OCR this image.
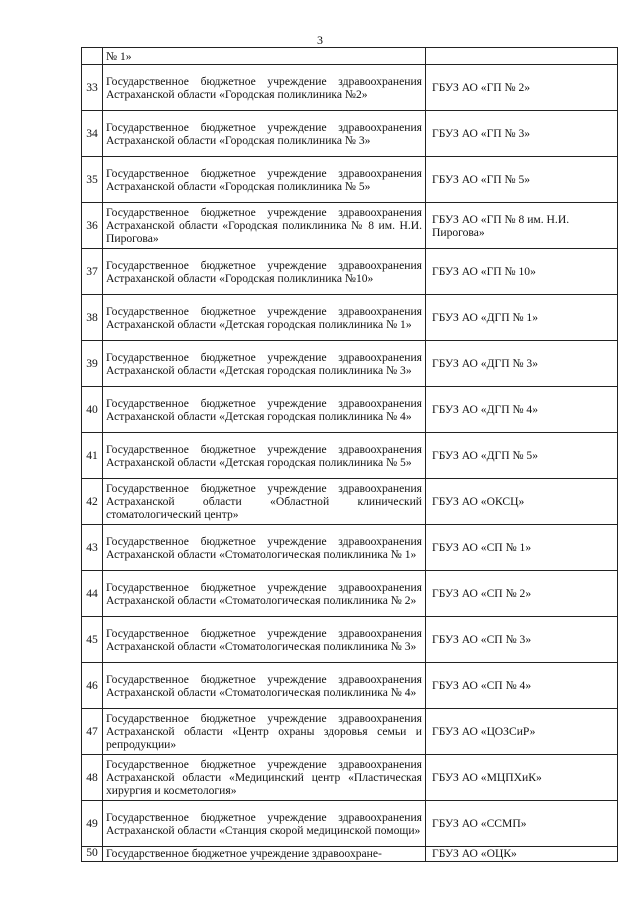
3
	№ 1»	
33	Государственное бюджетное учреждение здравоохранения Астраханской области «Городская поликлиника №2»	ГБУЗ АО «ГП № 2»
34	Государственное бюджетное учреждение здравоохранения Астраханской области «Городская поликлиника № 3»	ГБУЗ АО «ГП № 3»
35	Государственное бюджетное учреждение здравоохранения Астраханской области «Городская поликлиника № 5»	ГБУЗ АО «ГП № 5»
36	Государственное бюджетное учреждение здравоохранения Астраханской области «Городская поликлиника № 8 им. Н.И. Пирогова»	ГБУЗ АО «ГП № 8 им. Н.И. Пирогова»
37	Государственное бюджетное учреждение здравоохранения Астраханской области «Городская поликлиника №10»	ГБУЗ АО «ГП № 10»
38	Государственное бюджетное учреждение здравоохранения Астраханской области «Детская городская поликлиника № 1»	ГБУЗ АО «ДГП № 1»
39	Государственное бюджетное учреждение здравоохранения Астраханской области «Детская городская поликлиника № 3»	ГБУЗ АО «ДГП № 3»
40	Государственное бюджетное учреждение здравоохранения Астраханской области «Детская городская поликлиника № 4»	ГБУЗ АО «ДГП № 4»
41	Государственное бюджетное учреждение здравоохранения Астраханской области «Детская городская поликлиника № 5»	ГБУЗ АО «ДГП № 5»
42	Государственное бюджетное учреждение здравоохранения Астраханской области «Областной клинический стоматологический центр»	ГБУЗ АО «ОКСЦ»
43	Государственное бюджетное учреждение здравоохранения Астраханской области «Стоматологическая поликлиника № 1»	ГБУЗ АО «СП № 1»
44	Государственное бюджетное учреждение здравоохранения Астраханской области «Стоматологическая поликлиника № 2»	ГБУЗ АО «СП № 2»
45	Государственное бюджетное учреждение здравоохранения Астраханской области «Стоматологическая поликлиника № 3»	ГБУЗ АО «СП № 3»
46	Государственное бюджетное учреждение здравоохранения Астраханской области «Стоматологическая поликлиника № 4»	ГБУЗ АО «СП № 4»
47	Государственное бюджетное учреждение здравоохранения Астраханской области «Центр охраны здоровья семьи и репродукции»	ГБУЗ АО «ЦОЗСиР»
48	Государственное бюджетное учреждение здравоохранения Астраханской области «Медицинский центр «Пластическая хирургия и косметология»	ГБУЗ АО «МЦПХиК»
49	Государственное бюджетное учреждение здравоохранения Астраханской области «Станция скорой медицинской помощи»	ГБУЗ АО «ССМП»
50	Государственное бюджетное учреждение здравоохране-	ГБУЗ АО «ОЦК»
